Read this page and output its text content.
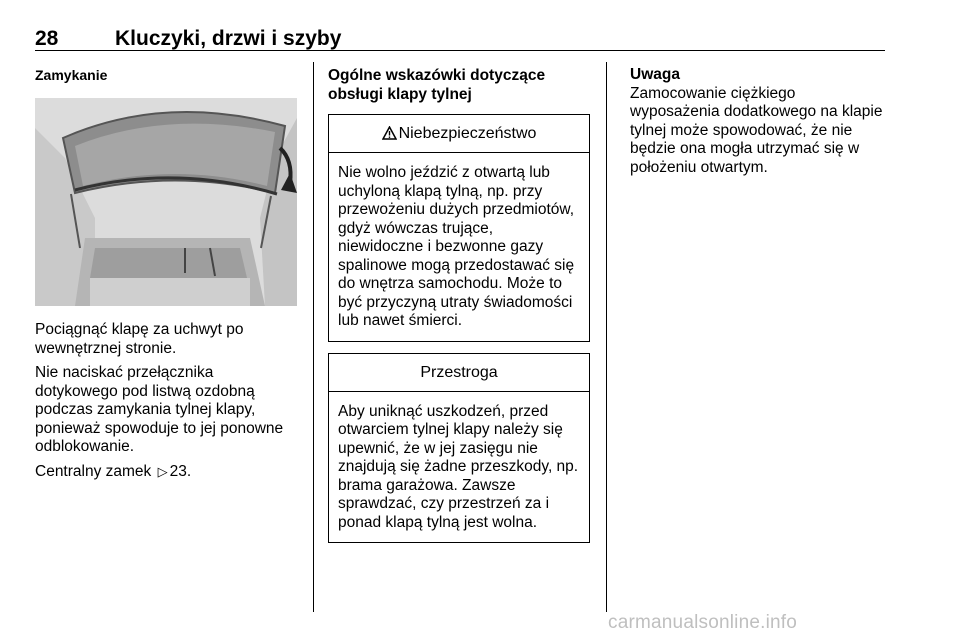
28	Kluczyki, drzwi i szyby
Zamykanie

Pociągnąć klapę za uchwyt po wewnętrznej stronie.

Nie naciskać przełącznika dotykowego pod listwą ozdobną podczas zamykania tylnej klapy, ponieważ spowoduje to jej ponowne odblokowanie.

Centralny zamek ▷ 23.

Ogólne wskazówki dotyczące obsługi klapy tylnej
Niebezpieczeństwo
Nie wolno jeździć z otwartą lub uchyloną klapą tylną, np. przy przewożeniu dużych przedmiotów, gdyż wówczas trujące, niewidoczne i bezwonne gazy spalinowe mogą przedostawać się do wnętrza samochodu. Może to być przyczyną utraty świadomości lub nawet śmierci.
Przestroga
Aby uniknąć uszkodzeń, przed otwarciem tylnej klapy należy się upewnić, że w jej zasięgu nie znajdują się żadne przeszkody, np. brama garażowa. Zawsze sprawdzać, czy przestrzeń za i ponad klapą tylną jest wolna.
Uwaga

Zamocowanie ciężkiego wyposażenia dodatkowego na klapie tylnej może spowodować, że nie będzie ona mogła utrzymać się w położeniu otwartym.

carmanualsonline.info
